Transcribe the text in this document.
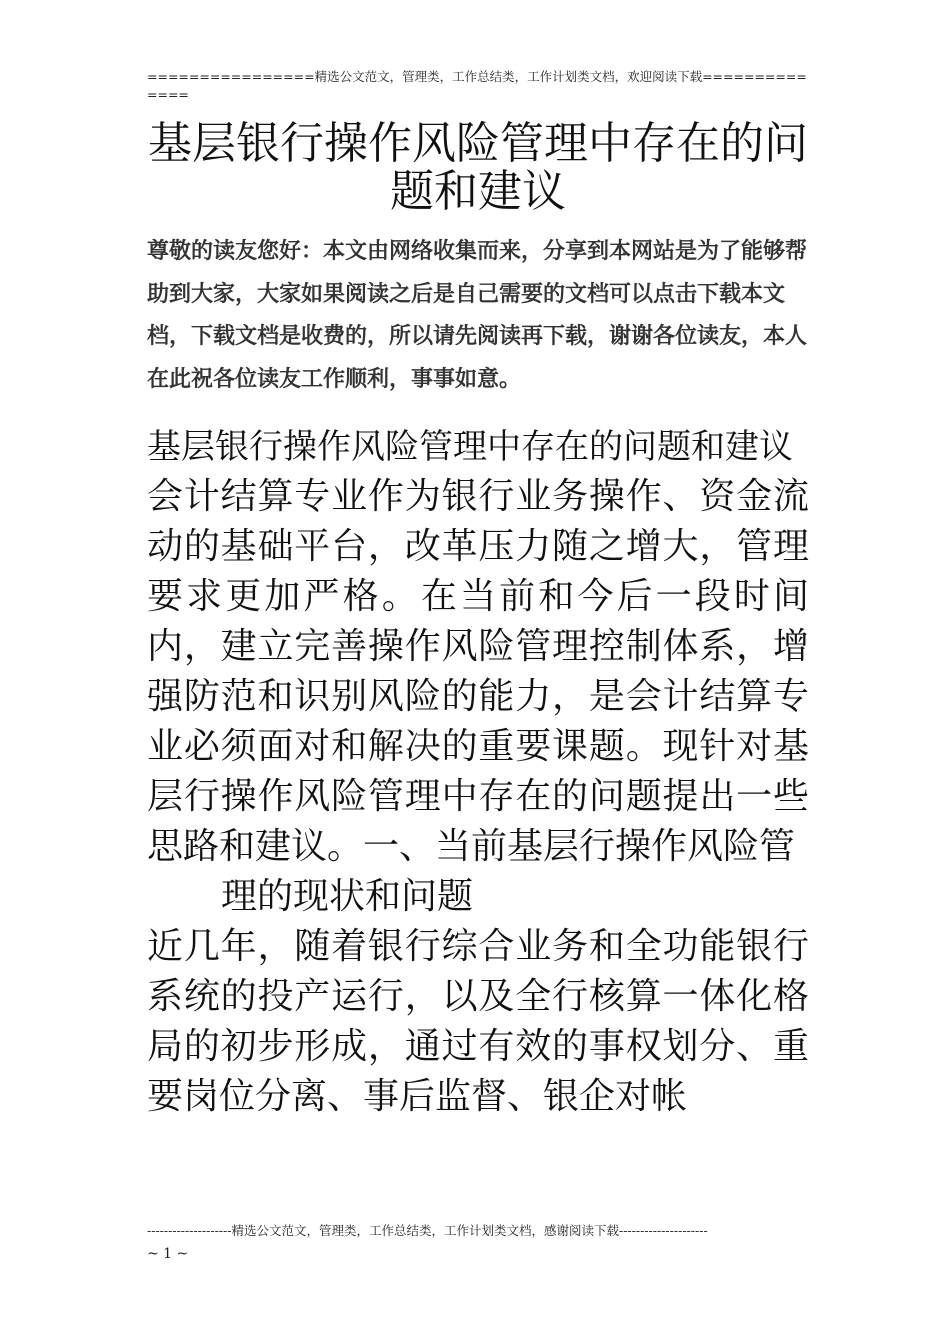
================精选公文范文，管理类，工作总结类，工作计划类文档，欢迎阅读下载==============
基层银行操作风险管理中存在的问题和建议

尊敬的读友您好：本文由网络收集而来，分享到本网站是为了能够帮助到大家，大家如果阅读之后是自己需要的文档可以点击下载本文档，下载文档是收费的，所以请先阅读再下载，谢谢各位读友，本人在此祝各位读友工作顺利，事事如意。

基层银行操作风险管理中存在的问题和建议

会计结算专业作为银行业务操作、资金流动的基础平台，改革压力随之增大，管理要求更加严格。在当前和今后一段时间内，建立完善操作风险管理控制体系，增强防范和识别风险的能力，是会计结算专业必须面对和解决的重要课题。现针对基层行操作风险管理中存在的问题提出一些思路和建议。一、当前基层行操作风险管

理的现状和问题

近几年，随着银行综合业务和全功能银行系统的投产运行，以及全行核算一体化格局的初步形成，通过有效的事权划分、重要岗位分离、事后监督、银企对帐

--------------------精选公文范文，管理类，工作总结类，工作计划类文档，感谢阅读下载---------------------
~ 1 ~
